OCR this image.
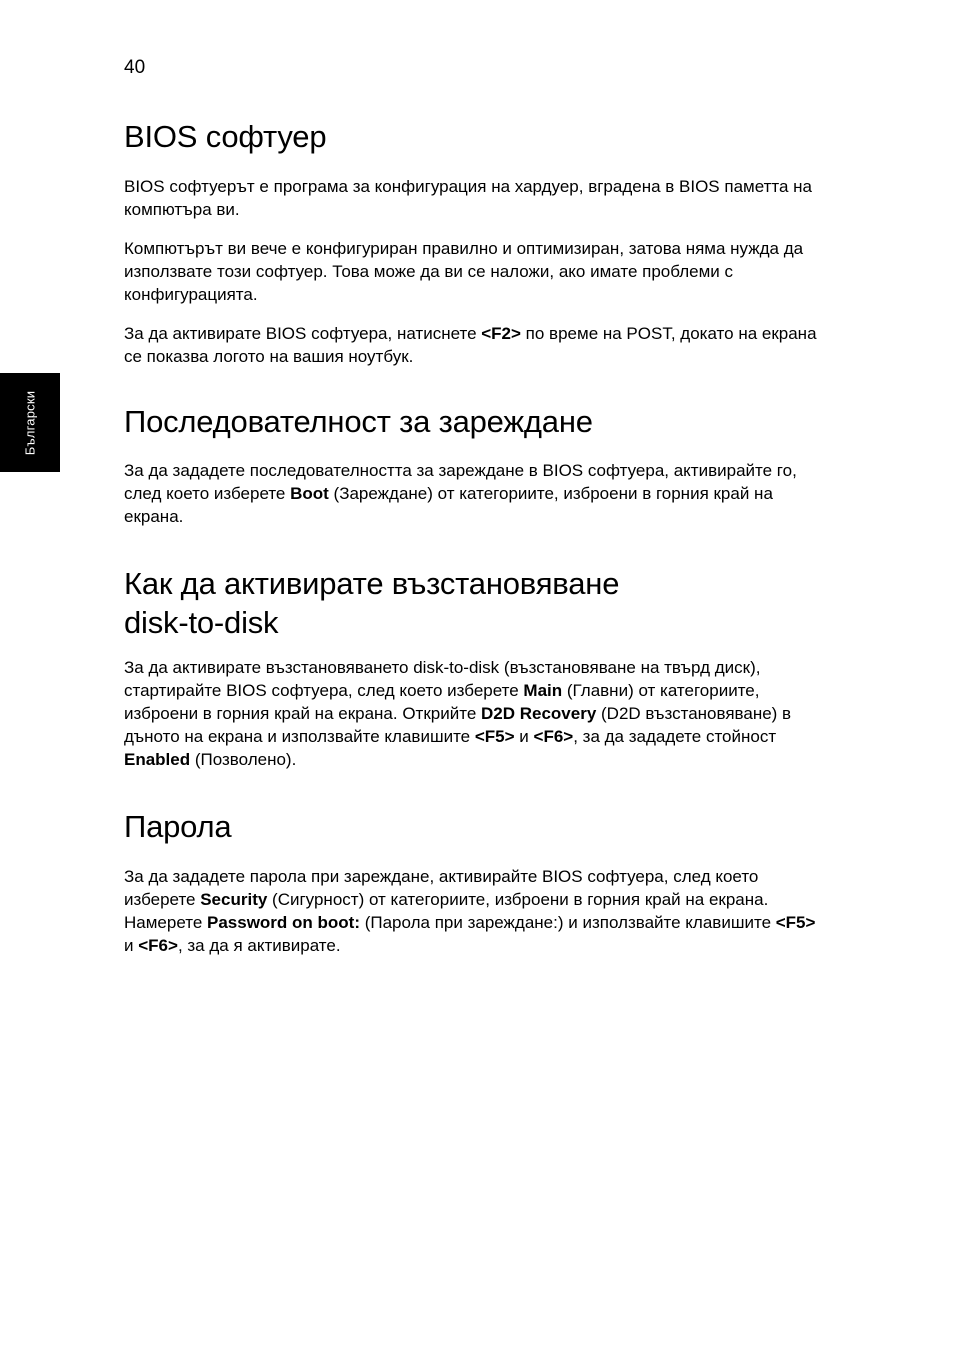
40
Български
BIOS софтуер

BIOS софтуерът е програма за конфигурация на хардуер, вградена в BIOS паметта на компютъра ви.

Компютърът ви вече е конфигуриран правилно и оптимизиран, затова няма нужда да използвате този софтуер. Това може да ви се наложи, ако имате проблеми с конфигурацията.

За да активирате BIOS софтуера, натиснете <F2> по време на POST, докато на екрана се показва логото на вашия ноутбук.

Последователност за зареждане

За да зададете последователността за зареждане в BIOS софтуера, активирайте го, след което изберете Boot (Зареждане) от категориите, изброени в горния край на екрана.

Как да активирате възстановяване
disk-to-disk

За да активирате възстановяването disk-to-disk (възстановяване на твърд диск), стартирайте BIOS софтуера, след което изберете Main (Главни) от категориите, изброени в горния край на екрана. Открийте D2D Recovery (D2D възстановяване) в дъното на екрана и използвайте клавишите <F5> и <F6>, за да зададете стойност Enabled (Позволено).

Парола

За да зададете парола при зареждане, активирайте BIOS софтуера, след което изберете Security (Сигурност) от категориите, изброени в горния край на екрана. Намерете Password on boot: (Парола при зареждане:) и използвайте клавишите <F5> и <F6>, за да я активирате.
